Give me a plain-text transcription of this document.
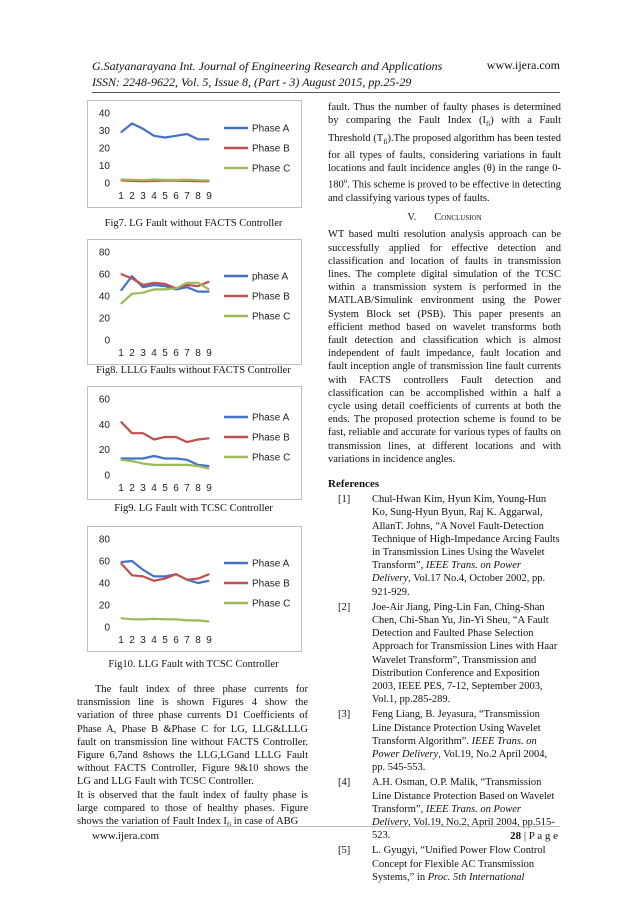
G.Satyanarayana Int. Journal of Engineering Research and Applications
ISSN: 2248-9622, Vol. 5, Issue 8, (Part - 3) August 2015, pp.25-29
www.ijera.com
0
10
20
30
40
1 2 3 4 5 6 7 8 9
Phase A
Phase B
Phase C
Fig7. LG Fault without FACTS Controller
0
20
40
60
80
1 2 3 4 5 6 7 8 9
phase A
Phase B
Phase C
Fig8. LLLG Faults without FACTS Controller
0
20
40
60
1 2 3 4 5 6 7 8 9
Phase A
Phase B
Phase C
Fig9. LG Fault with TCSC Controller
0
20
40
60
80
1 2 3 4 5 6 7 8 9
Phase A
Phase B
Phase C
Fig10. LLG Fault with TCSC Controller

The fault index of three phase currents for transmission line is shown Figures 4 show the variation of three phase currents D1 Coefficients of Phase A, Phase B &Phase C for LG, LLG&LLLG fault on transmission line without FACTS Controller. Figure 6,7and 8shows the LLG,LGand LLLG Fault without FACTS Controller, Figure 9&10 shows the LG and LLG Fault with TCSC Controller.

It is observed that the fault index of faulty phase is large compared to those of healthy phases. Figure shows the variation of Fault Index $I_{fi}$ in case of ABG

fault. Thus the number of faulty phases is determined by comparing the Fault Index $(I_{fi})$ with a Fault Threshold $(T_{fi}).The$ proposed algorithm has been tested for all types of faults, considering variations in fault locations and fault incidence angles (θ) in the range 0-180$^o$. This scheme is proved to be effective in detecting and classifying various types of faults.

V. Conclusion

WT based multi resolution analysis approach can be successfully applied for effective detection and classification and location of faults in transmission lines. The complete digital simulation of the TCSC within a transmission system is performed in the MATLAB/Simulink environment using the Power System Block set (PSB). This paper presents an efficient method based on wavelet transforms both fault detection and classification which is almost independent of fault impedance, fault location and fault inception angle of transmission line fault currents with FACTS controllers Fault detection and classification can be accomplished within a half a cycle using detail coefficients of currents at both the ends. The proposed protection scheme is found to be fast, reliable and accurate for various types of faults on transmission lines, at different locations and with variations in incidence angles.

References
[1]	Chul-Hwan Kim, Hyun Kim, Young-Hun Ko, Sung-Hyun Byun, Raj K. Aggarwal, AllanT. Johns, “A Novel Fault-Detection Technique of High-Impedance Arcing Faults in Transmission Lines Using the Wavelet Transform”, IEEE Trans. on Power Delivery, Vol.17 No.4, October 2002, pp. 921-929.
[2]	Joe-Air Jiang, Ping-Lin Fan, Ching-Shan Chen, Chi-Shan Yu, Jin-Yi Sheu, “A Fault Detection and Faulted Phase Selection Approach for Transmission Lines with Haar Wavelet Transform”, Transmission and Distribution Conference and Exposition 2003, IEEE PES, 7-12, September 2003, Vol.1, pp.285-289.
[3]	Feng Liang, B. Jeyasura, “Transmission Line Distance Protection Using Wavelet Transform Algorithm”. IEEE Trans. on Power Delivery, Vol.19, No.2 April 2004, pp. 545-553.
[4]	A.H. Osman, O.P. Malik, “Transmission Line Distance Protection Based on Wavelet Transform”, IEEE Trans. on Power Delivery, Vol.19, No.2, April 2004, pp.515-523.
[5]	L. Gyugyi, “Unified Power Flow Control Concept for Flexible AC Transmission Systems,” in Proc. 5th International
www.ijera.com	28 | P a g e
